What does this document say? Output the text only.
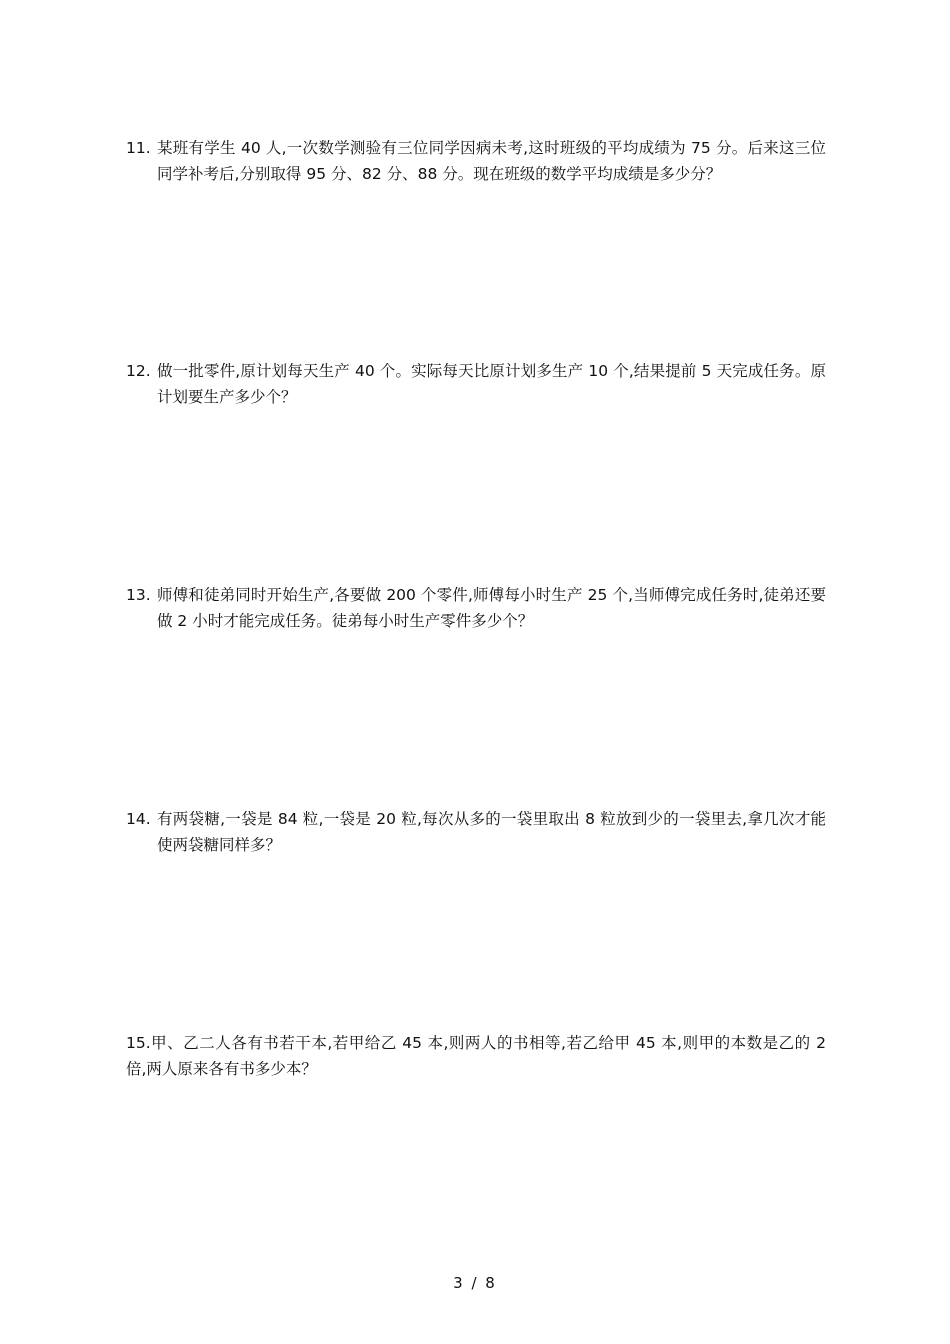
11. 某班有学生 40 人,一次数学测验有三位同学因病未考,这时班级的平均成绩为 75 分。后来这三位同学补考后,分别取得 95 分、82 分、88 分。现在班级的数学平均成绩是多少分？
12. 做一批零件,原计划每天生产 40 个。实际每天比原计划多生产 10 个,结果提前 5 天完成任务。原计划要生产多少个？
13. 师傅和徒弟同时开始生产,各要做 200 个零件,师傅每小时生产 25 个,当师傅完成任务时,徒弟还要做 2 小时才能完成任务。徒弟每小时生产零件多少个？
14. 有两袋糖,一袋是 84 粒,一袋是 20 粒,每次从多的一袋里取出 8 粒放到少的一袋里去,拿几次才能使两袋糖同样多？
15.甲、乙二人各有书若干本,若甲给乙 45 本,则两人的书相等,若乙给甲 45 本,则甲的本数是乙的 2 倍,两人原来各有书多少本？
3 / 8
